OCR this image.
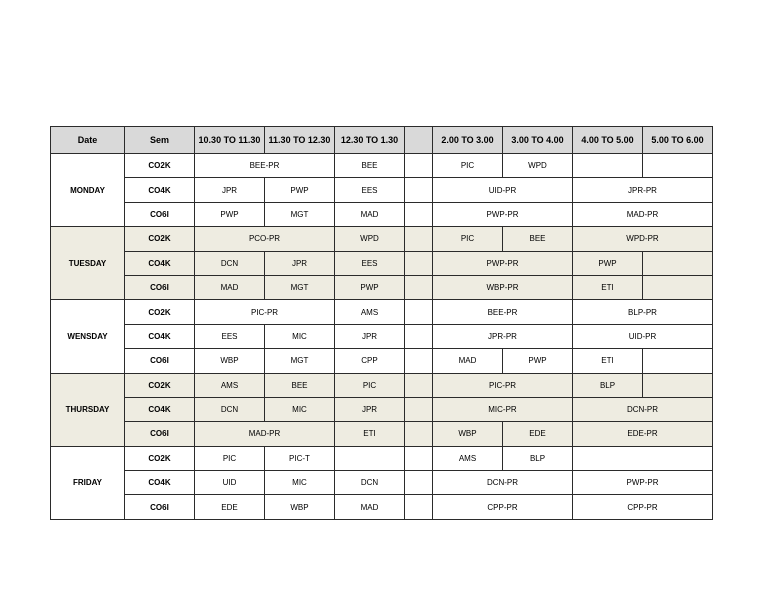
Date	Sem	10.30 TO 11.30	11.30 TO 12.30	12.30 TO 1.30		2.00 TO 3.00	3.00 TO 4.00	4.00 TO 5.00	5.00 TO 6.00
MONDAY	CO2K	BEE-PR		BEE		PIC	WPD		
	CO4K	JPR	PWP	EES		UID-PR		JPR-PR	
	CO6I	PWP	MGT	MAD		PWP-PR		MAD-PR	
TUESDAY	CO2K	PCO-PR		WPD		PIC	BEE	WPD-PR	
	CO4K	DCN	JPR	EES		PWP-PR		PWP	
	CO6I	MAD	MGT	PWP		WBP-PR		ETI	
WENSDAY	CO2K	PIC-PR		AMS		BEE-PR		BLP-PR	
	CO4K	EES	MIC	JPR		JPR-PR		UID-PR	
	CO6I	WBP	MGT	CPP		MAD	PWP	ETI	
THURSDAY	CO2K	AMS	BEE	PIC		PIC-PR		BLP	
	CO4K	DCN	MIC	JPR		MIC-PR		DCN-PR	
	CO6I	MAD-PR		ETI		WBP	EDE	EDE-PR	
FRIDAY	CO2K	PIC	PIC-T			AMS	BLP		
	CO4K	UID	MIC	DCN		DCN-PR		PWP-PR	
	CO6I	EDE	WBP	MAD		CPP-PR		CPP-PR	
